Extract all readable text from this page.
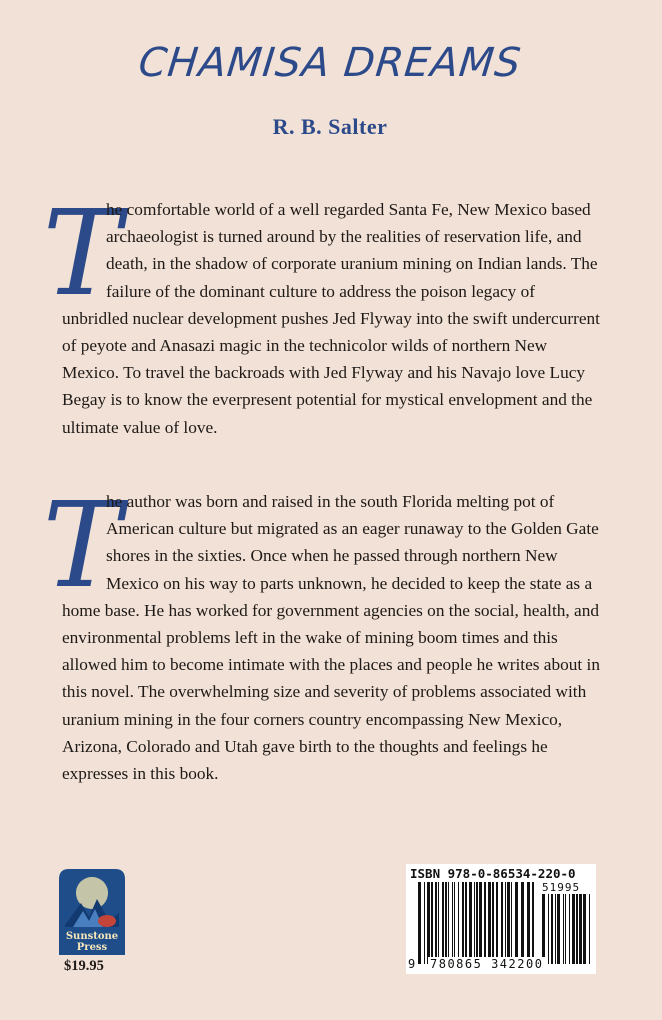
CHAMISA DREAMS
R. B. Salter

T
he comfortable world of a well regarded Santa Fe, New Mexico based archaeologist is turned around by the realities of reservation life, and death, in the shadow of corporate uranium mining on Indian lands. The failure of the dominant culture to address the poison legacy of unbridled nuclear development pushes Jed Flyway into the swift undercurrent of peyote and Anasazi magic in the technicolor wilds of northern New Mexico. To travel the backroads with Jed Flyway and his Navajo love Lucy Begay is to know the everpresent potential for mystical envelopment and the ultimate value of love.

T
he author was born and raised in the south Florida melting pot of American culture but migrated as an eager runaway to the Golden Gate shores in the sixties. Once when he passed through northern New Mexico on his way to parts unknown, he decided to keep the state as a home base. He has worked for government agencies on the social, health, and environmental problems left in the wake of mining boom times and this allowed him to become intimate with the places and people he writes about in this novel. The overwhelming size and severity of problems associated with uranium mining in the four corners country encompassing New Mexico, Arizona, Colorado and Utah gave birth to the thoughts and feelings he expresses in this book.

Sunstone
Press
$19.95
ISBN 978-0-86534-220-0
51995
9 780865 342200
